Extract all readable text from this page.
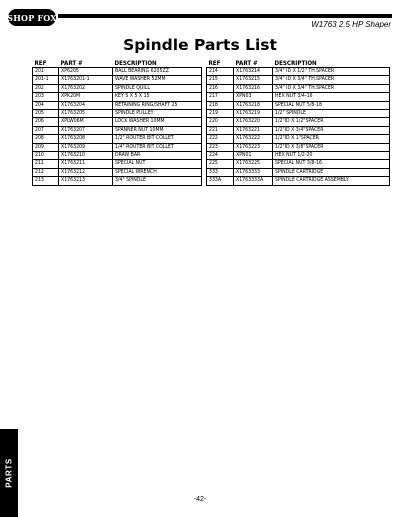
SHOP FOX
W1763 2.5 HP Shaper
Spindle Parts List
REF	PART #	DESCRIPTION
201	XP6205	BALL BEARING 6205ZZ
201-1	X1763201-1	WAVE WASHER 52MM
202	X1763202	SPINDLE QUILL
203	XPK20M	KEY 5 X 5 X 15
204	X1763204	RETAINING RING/SHAFT 25
205	X1763205	SPINDLE PULLEY
206	XPLW06M	LOCK WASHER 10MM
207	X1763207	SPANNER NUT 10MM
208	X1763208	1/2" ROUTER BIT COLLET
209	X1763209	1/4" ROUTER BIT COLLET
210	X1763210	DRAW BAR
211	X1763211	SPECIAL NUT
212	X1763212	SPECIAL WRENCH
213	X1763213	3/4" SPINDLE
REF	PART #	DESCRIPTION
214	X1763214	3/4" ID X 1/2" TH.SPACER
215	X1763215	3/4" ID X 3/4" TH.SPACER
216	X1763216	3/4" ID X 3/4" TH.SPACER
217	XPN03	HEX NUT 3/4-16
218	X1763218	SPECIAL NUT 5/8-18
219	X1763219	1/2" SPINDLE
220	X1763220	1/2"ID X 1/2"SPACER
221	X1763221	1/2"ID X 3/4"SPACER
222	X1763222	1/2"ID X 1"SPACER
223	X1763223	1/2"ID X 3/8"SPACER
224	XPN01	HEX NUT 1/2-20
225	X1763225	SPECIAL NUT 3/8-16
333	X1763333	SPINDLE CARTRIDGE
333A	X1763333A	SPINDLE CARTRIDGE ASSEMBLY
PARTS
-42-
